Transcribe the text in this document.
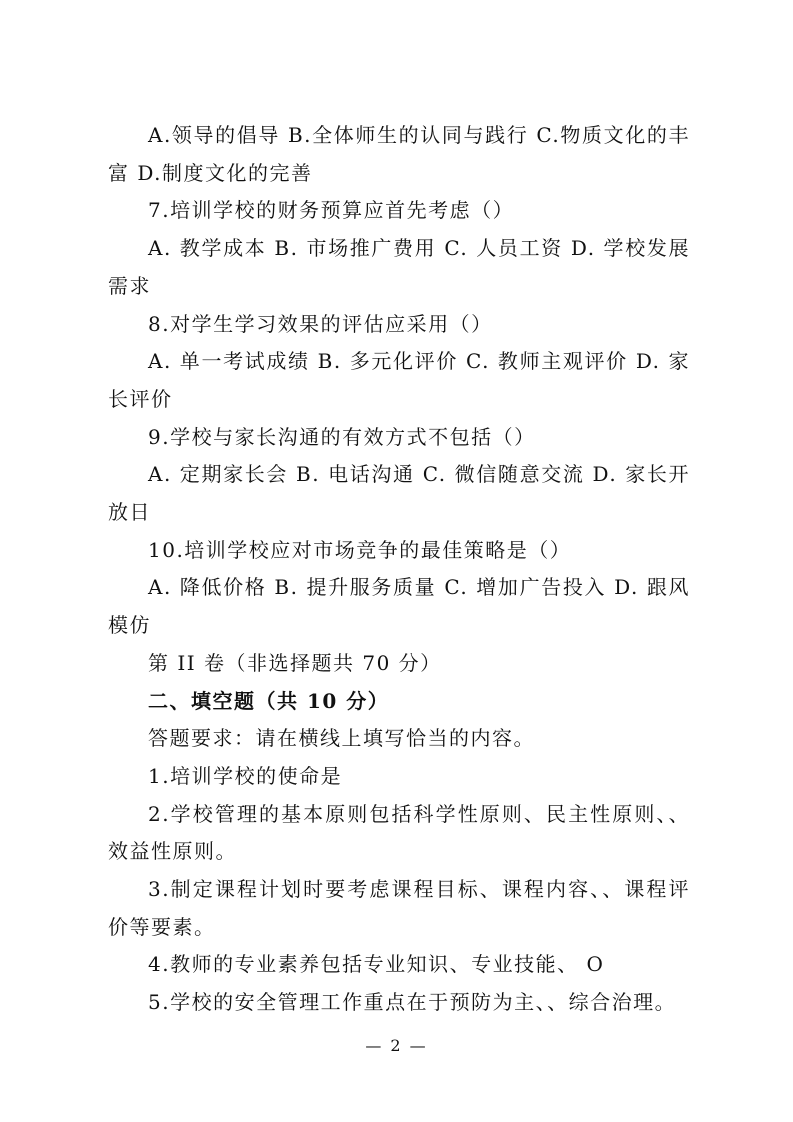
A.领导的倡导 B.全体师生的认同与践行 C.物质文化的丰富 D.制度文化的完善

7.培训学校的财务预算应首先考虑（）

A. 教学成本 B. 市场推广费用 C. 人员工资 D. 学校发展需求

8.对学生学习效果的评估应采用（）

A. 单一考试成绩 B. 多元化评价 C. 教师主观评价 D. 家长评价

9.学校与家长沟通的有效方式不包括（）

A. 定期家长会 B. 电话沟通 C. 微信随意交流 D. 家长开放日

10.培训学校应对市场竞争的最佳策略是（）

A. 降低价格 B. 提升服务质量 C. 增加广告投入 D. 跟风模仿

第 II 卷（非选择题共 70 分）

二、填空题（共 10 分）

答题要求：请在横线上填写恰当的内容。

1.培训学校的使命是

2.学校管理的基本原则包括科学性原则、民主性原则、、效益性原则。

3.制定课程计划时要考虑课程目标、课程内容、、课程评价等要素。

4.教师的专业素养包括专业知识、专业技能、 O

5.学校的安全管理工作重点在于预防为主、、综合治理。

— 2 —
